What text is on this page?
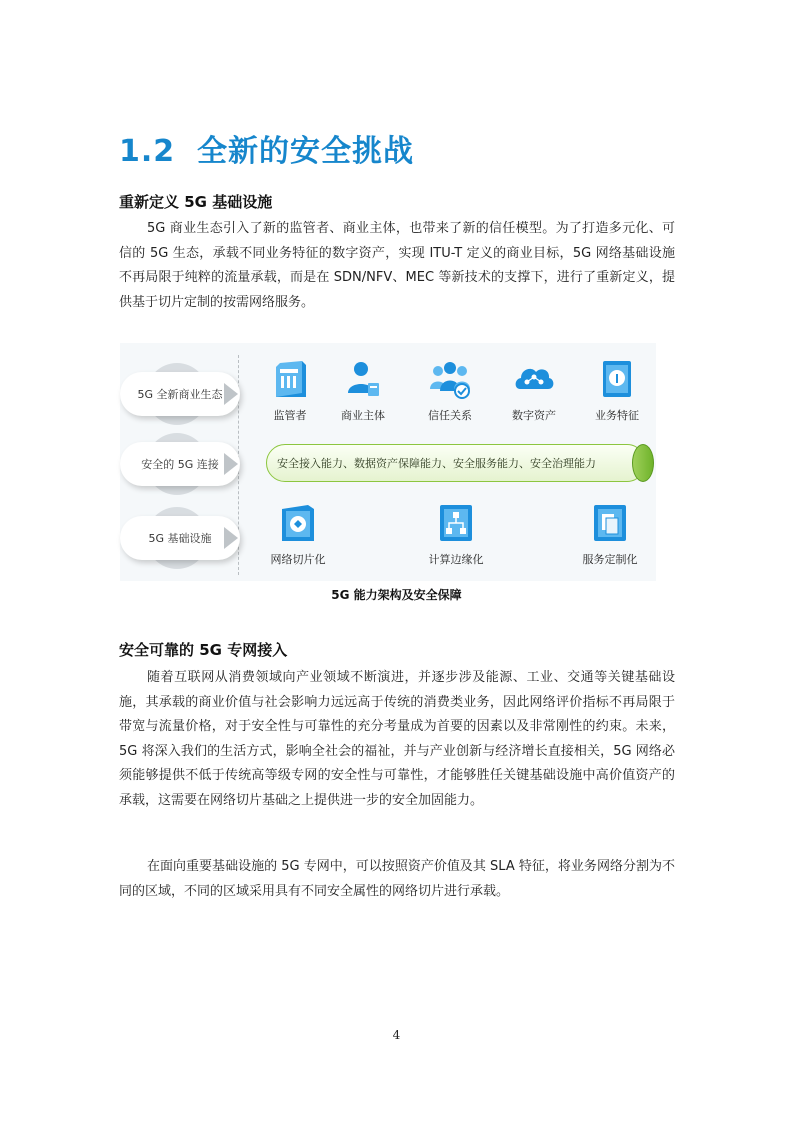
1.2 全新的安全挑战
重新定义 5G 基础设施

5G 商业生态引入了新的监管者、商业主体，也带来了新的信任模型。为了打造多元化、可信的 5G 生态，承载不同业务特征的数字资产，实现 ITU-T 定义的商业目标，5G 网络基础设施不再局限于纯粹的流量承载，而是在 SDN/NFV、MEC 等新技术的支撑下，进行了重新定义，提供基于切片定制的按需网络服务。

5G 全新商业生态
安全的 5G 连接
5G 基础设施
监管者	商业主体	信任关系	数字资产	业务特征
安全接入能力、数据资产保障能力、安全服务能力、安全治理能力
网络切片化	计算边缘化	服务定制化
5G 能力架构及安全保障
安全可靠的 5G 专网接入

随着互联网从消费领域向产业领域不断演进，并逐步涉及能源、工业、交通等关键基础设施，其承载的商业价值与社会影响力远远高于传统的消费类业务，因此网络评价指标不再局限于带宽与流量价格，对于安全性与可靠性的充分考量成为首要的因素以及非常刚性的约束。未来，5G 将深入我们的生活方式，影响全社会的福祉，并与产业创新与经济增长直接相关，5G 网络必须能够提供不低于传统高等级专网的安全性与可靠性，才能够胜任关键基础设施中高价值资产的承载，这需要在网络切片基础之上提供进一步的安全加固能力。

在面向重要基础设施的 5G 专网中，可以按照资产价值及其 SLA 特征，将业务网络分割为不同的区域，不同的区域采用具有不同安全属性的网络切片进行承载。

4
